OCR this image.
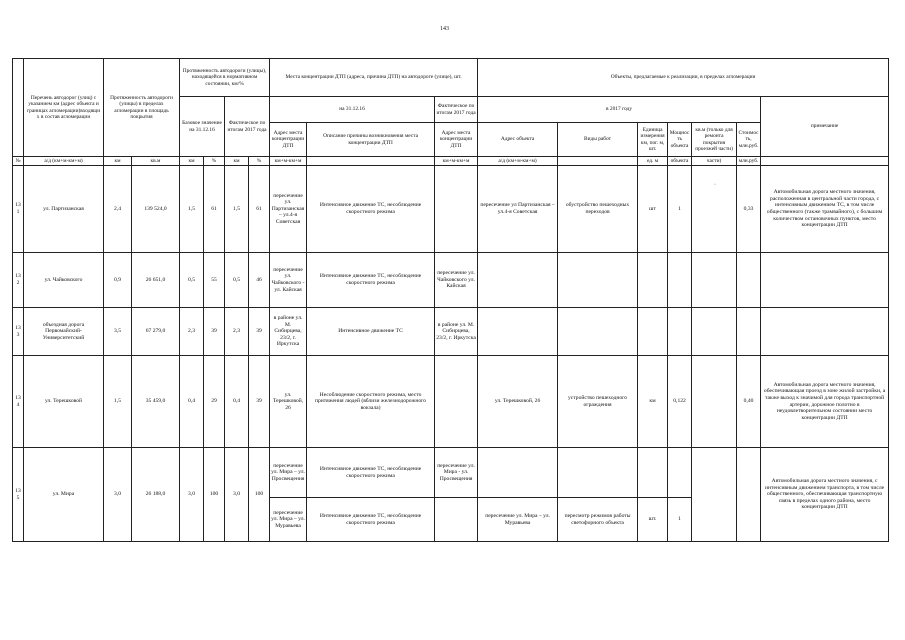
143
·
	Перечень автодорог (улиц) с указанием км (адрес объекта и границах агломерации)входящи х в состав агломерации	Протяженность автодороги (улицы) в пределах агломерации в площадь покрытия		Протяженность автодороги (улицы), находящейся в нормативном состоянии, км/%				Места концентрации ДТП (адреса, причина ДТП) на автодороге (улице), шт.			Объекты, предлагаемые к реализации, в пределах агломерации						
				Базовое значение на 31.12.16		Фактическое по итогам 2017 года		на 31.12.16		Фактическое по итогам 2017 года	в 2017 году						примечание
								Адрес места концентрации ДТП	Описание причины возникновения места концентрации ДТП	Адрес места концентрации ДТП	Адрес объекта	Виды работ	Единица измерения км, пог. м, шт.	Мощность объекта	кв.м (только для ремонта покрытия проезжей части)	Стоимость, млн.руб.	
№	а/д (км+м-км+м)	км	кв.м	км	%	км	%	км+м-км+м		км+м-км+м	а/д (км+м-км+м)		ед. м	объекта	части)	млн.руб.	
131	ул. Партизанская	2,4	139 524,0	1,5	61	1,5	61	пересечение ул. Партизанская – ул.4-я Советская	Интенсивное движение ТС, несоблюдение скоростного режима		пересечение ул Партизанская – ул.4-я Советская	обустройство пешеходных переходов	шт	1		0,33	Автомобильная дорога местного значения, расположенная в центральной части города, с интенсивным движением ТС, в том числе общественного (также трамвайного), с большим количеством остановочных пунктов, место концентрации ДТП
132	ул. Чайковского	0,9	26 651,0	0,5	55	0,5	46	пересечение ул. Чайковского - ул. Кайская	Интенсивное движение ТС, несоблюдение скоростного режима	пересечение ул. Чайковского ул. Кайская							
133	объездная дорога Первомайский-Университетский	3,5	67 279,0	2,3	39	2,3	39	в районе ул. М. Сибирцева, 23/2, г. Иркутска	Интенсивное движение ТС	в районе ул. М. Сибирцева, 23/2, г. Иркутска							
134	ул. Терешковой	1,5	35 459,0	0,4	29	0,4	39	ул. Терешковой, 26	Несоблюдение скоростного режима, место притяжения людей (вблизи железнодорожного вокзала)		ул. Терешковой, 26	устройство пешеходного ограждения	км	0,122		0,40	Автомобильная дорога местного значения, обеспечивающая проезд в зоне жилой застройки, а также выход к значимой для города транспортной артерии, дорожное полотно в неудовлетворительном состоянии место концентрации ДТП
135	ул. Мира	3,0	26 188,0	3,0	100	3,0	100	пересечение ул. Мира – ул. Просвещения	Интенсивное движение ТС, несоблюдение скоростного режима	пересечение ул. Мира - ул. Просвещения							Автомобильная дорога местного значения, с интенсивным движением транспорта, в том числе общественного, обеспечивающая транспортную связь в пределах одного района, место концентрации ДТП
								пересечение ул. Мира – ул. Муравьева	Интенсивное движение ТС, несоблюдение скоростного режима		пересечение ул. Мира – ул. Муравьева	пересмотр режимов работы светофорного объекта	шт.	1			
